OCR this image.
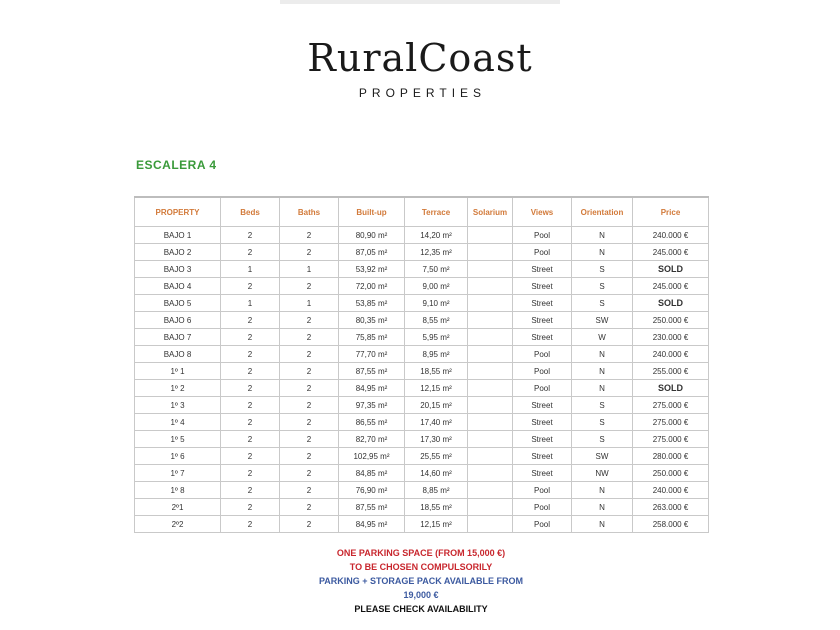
RuralCoast
PROPERTIES
ESCALERA 4
PROPERTY	Beds	Baths	Built-up	Terrace	Solarium	Views	Orientation	Price
BAJO 1	2	2	80,90 m²	14,20 m²		Pool	N	240.000 €
BAJO 2	2	2	87,05 m²	12,35 m²		Pool	N	245.000 €
BAJO 3	1	1	53,92 m²	7,50 m²		Street	S	SOLD
BAJO 4	2	2	72,00 m²	9,00 m²		Street	S	245.000 €
BAJO 5	1	1	53,85 m²	9,10 m²		Street	S	SOLD
BAJO 6	2	2	80,35 m²	8,55 m²		Street	SW	250.000 €
BAJO 7	2	2	75,85 m²	5,95 m²		Street	W	230.000 €
BAJO 8	2	2	77,70 m²	8,95 m²		Pool	N	240.000 €
1º 1	2	2	87,55 m²	18,55 m²		Pool	N	255.000 €
1º 2	2	2	84,95 m²	12,15 m²		Pool	N	SOLD
1º 3	2	2	97,35 m²	20,15 m²		Street	S	275.000 €
1º 4	2	2	86,55 m²	17,40 m²		Street	S	275.000 €
1º 5	2	2	82,70 m²	17,30 m²		Street	S	275.000 €
1º 6	2	2	102,95 m²	25,55 m²		Street	SW	280.000 €
1º 7	2	2	84,85 m²	14,60 m²		Street	NW	250.000 €
1º 8	2	2	76,90 m²	8,85 m²		Pool	N	240.000 €
2º1	2	2	87,55 m²	18,55 m²		Pool	N	263.000 €
2º2	2	2	84,95 m²	12,15 m²		Pool	N	258.000 €
ONE PARKING SPACE (FROM 15,000 €)
TO BE CHOSEN COMPULSORILY
PARKING + STORAGE PACK AVAILABLE FROM
19,000 €
PLEASE CHECK AVAILABILITY
